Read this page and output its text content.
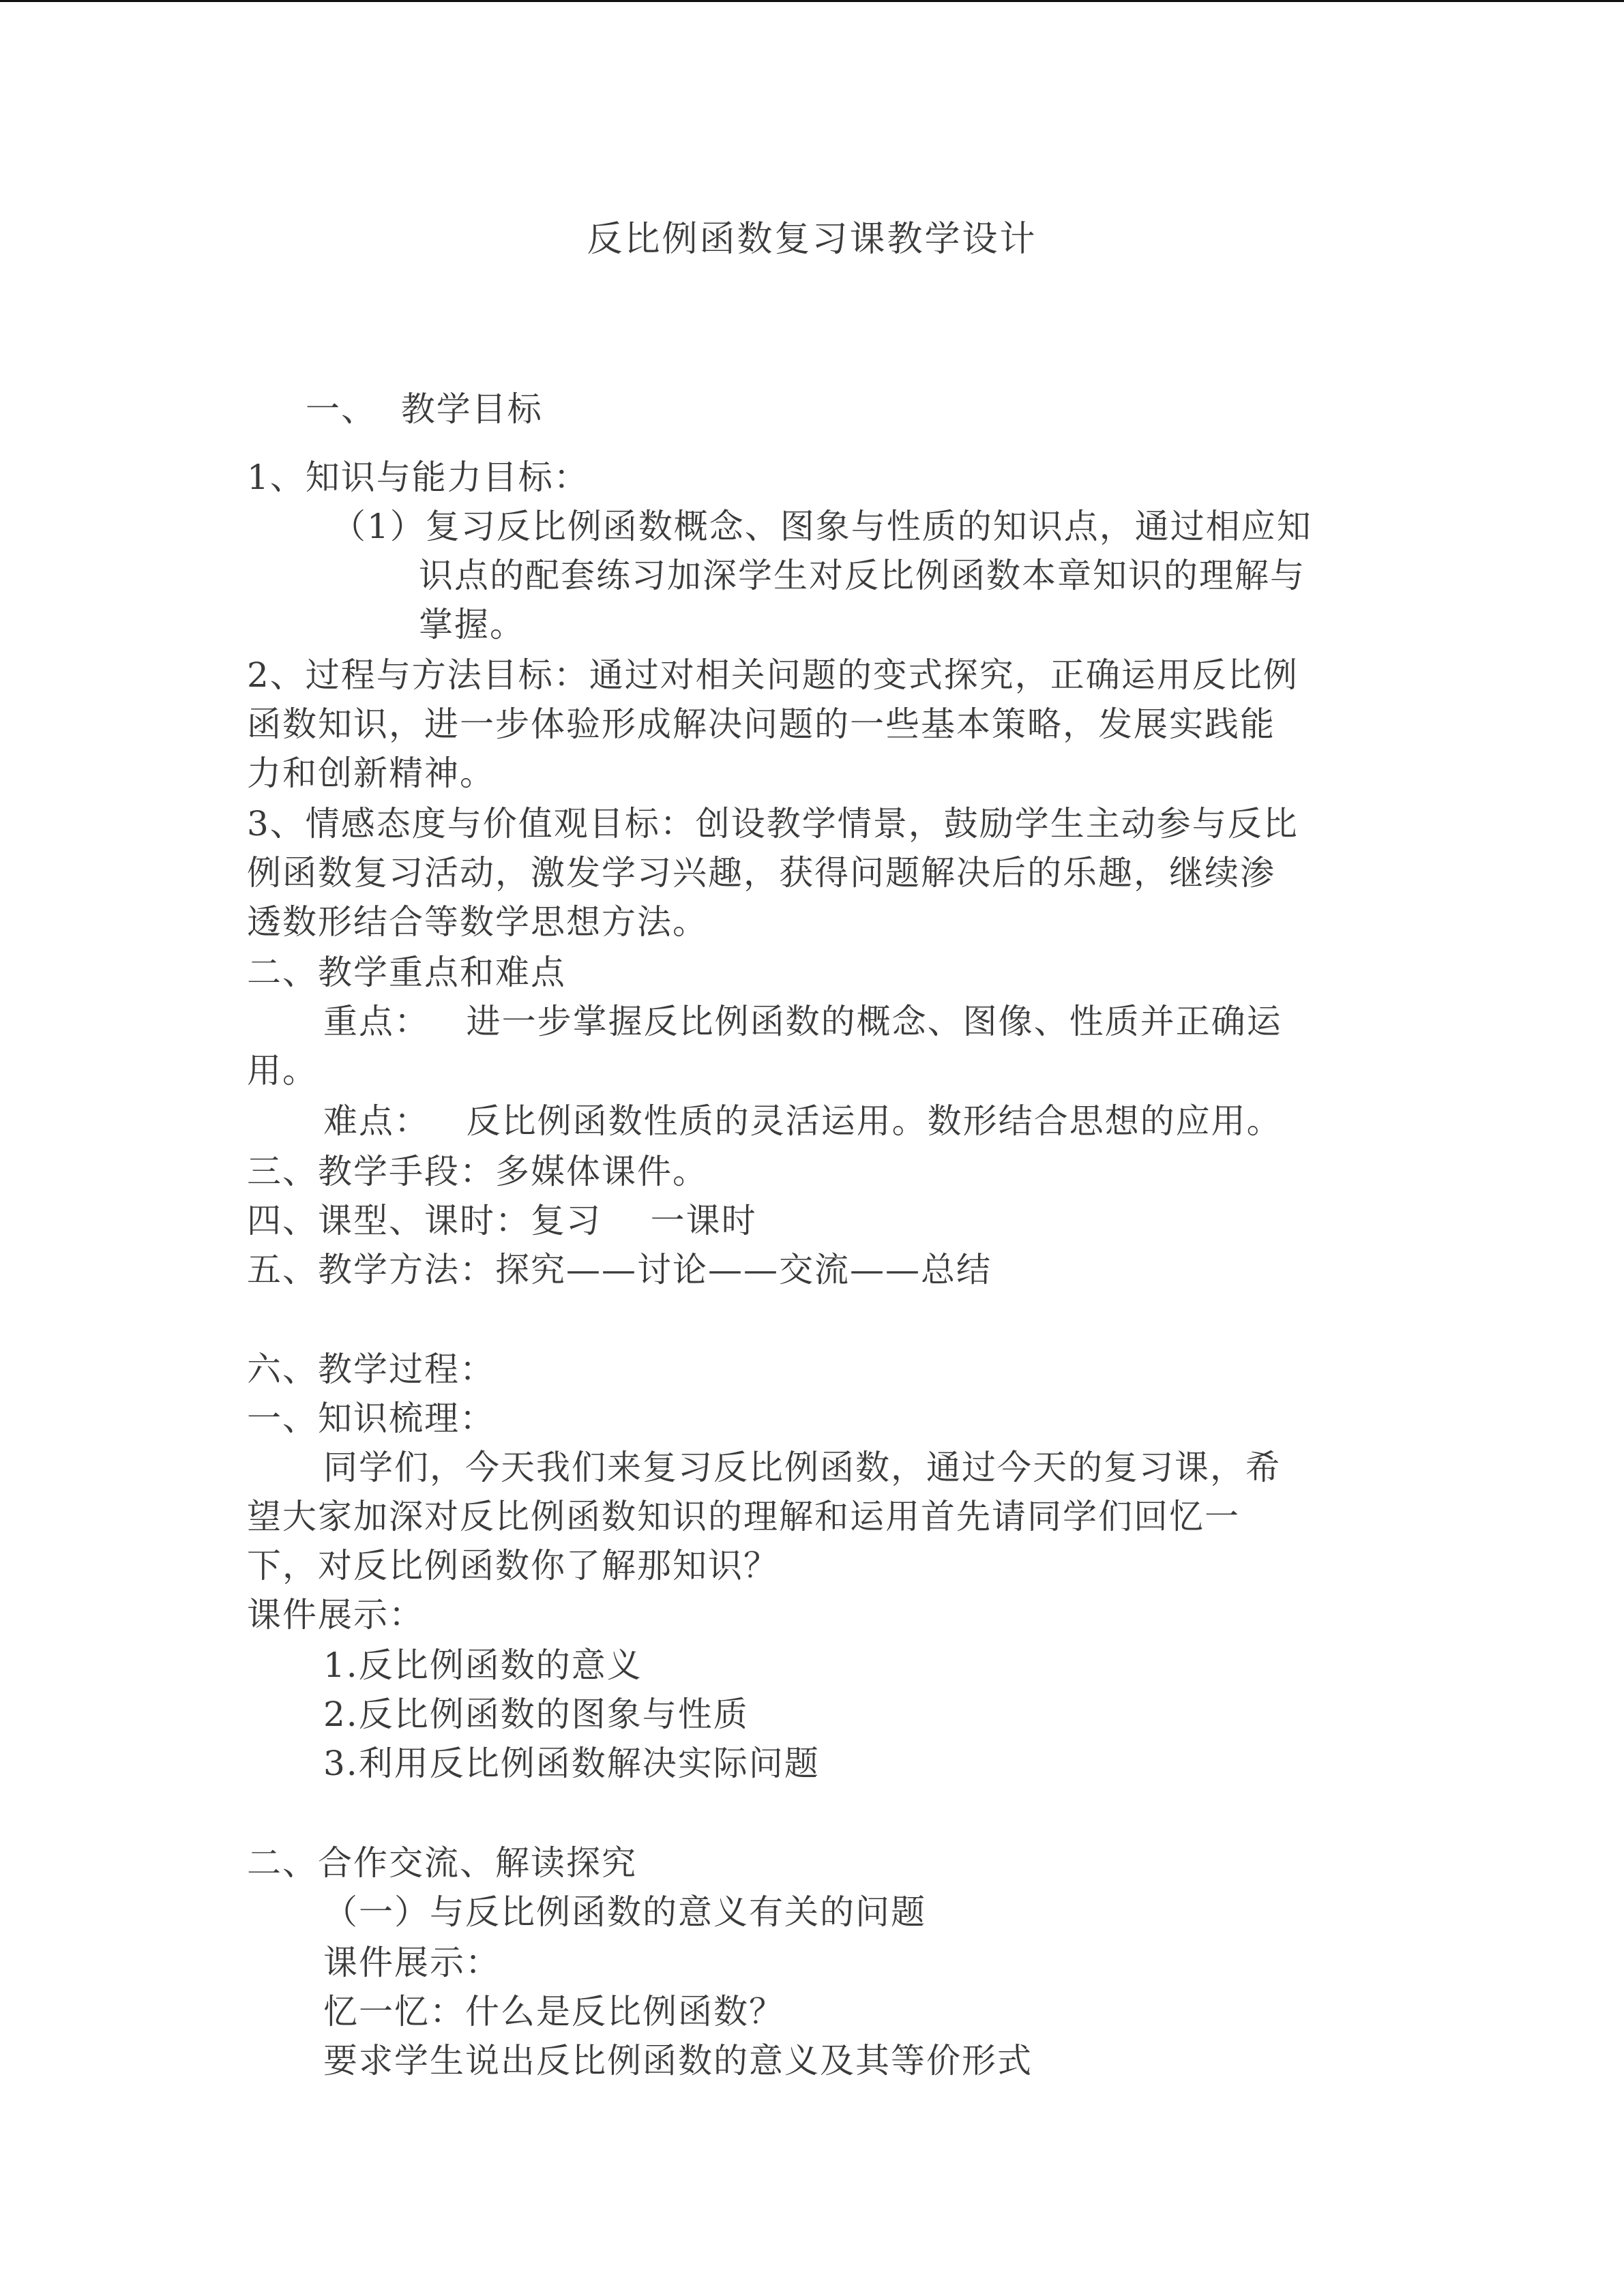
反比例函数复习课教学设计
一、  教学目标
1、知识与能力目标：
（1）复习反比例函数概念、图象与性质的知识点，通过相应知
识点的配套练习加深学生对反比例函数本章知识的理解与
掌握。
2、过程与方法目标：通过对相关问题的变式探究，正确运用反比例
函数知识，进一步体验形成解决问题的一些基本策略，发展实践能
力和创新精神。
3、情感态度与价值观目标：创设教学情景，鼓励学生主动参与反比
例函数复习活动，激发学习兴趣，获得问题解决后的乐趣，继续渗
透数形结合等数学思想方法。
二、教学重点和难点
重点：   进一步掌握反比例函数的概念、图像、性质并正确运
用。
难点：   反比例函数性质的灵活运用。数形结合思想的应用。
三、教学手段：多媒体课件。
四、课型、课时：复习    一课时
五、教学方法：探究——讨论——交流——总结
六、教学过程：
一、知识梳理：
同学们，今天我们来复习反比例函数，通过今天的复习课，希
望大家加深对反比例函数知识的理解和运用首先请同学们回忆一
下，对反比例函数你了解那知识？
课件展示：
1.反比例函数的意义
2.反比例函数的图象与性质
3.利用反比例函数解决实际问题
二、合作交流、解读探究
（一）与反比例函数的意义有关的问题
课件展示：
忆一忆：什么是反比例函数？
要求学生说出反比例函数的意义及其等价形式
